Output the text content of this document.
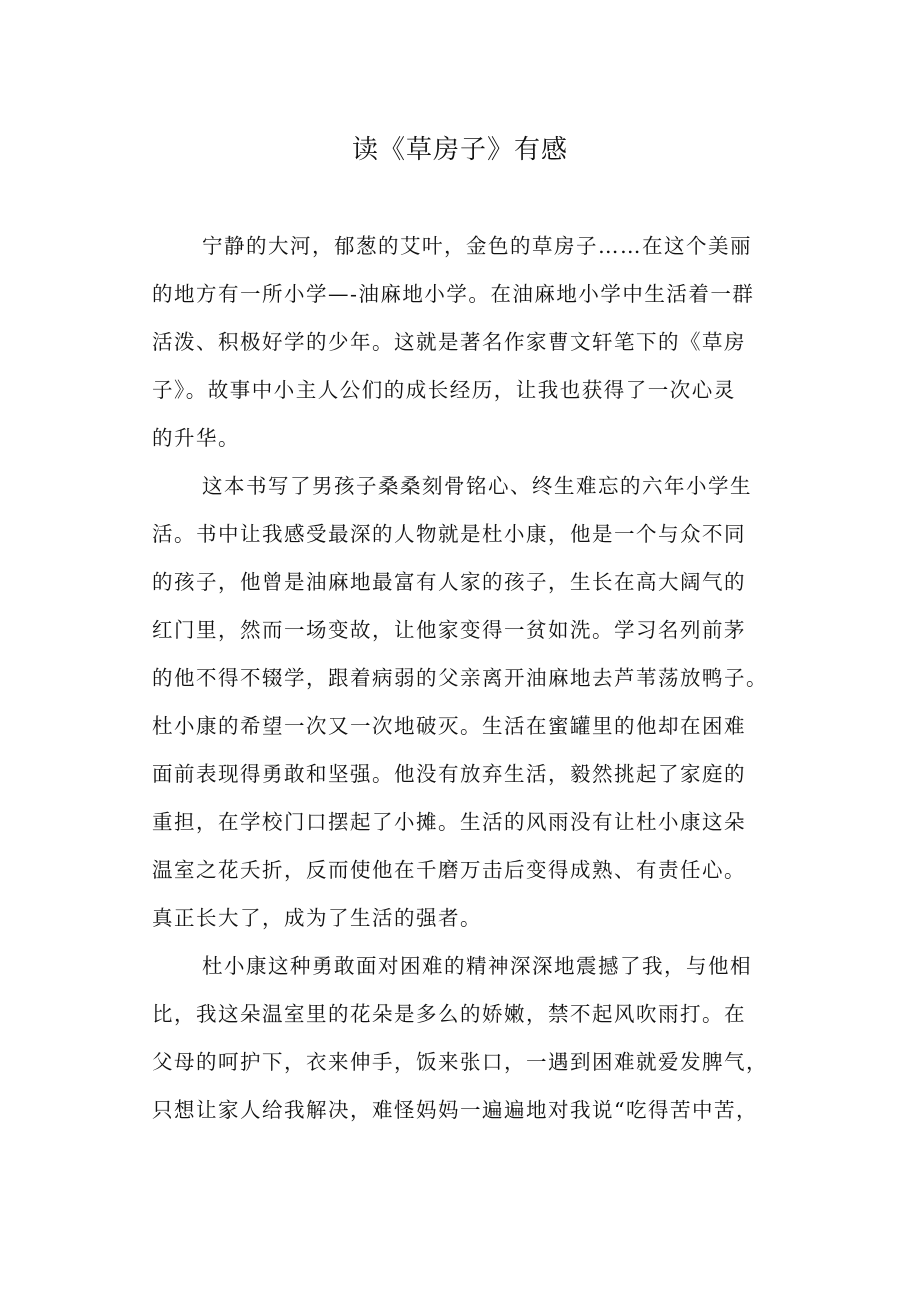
读《草房子》有感
宁静的大河，郁葱的艾叶，金色的草房子……在这个美丽
的地方有一所小学—-油麻地小学。在油麻地小学中生活着一群
活泼、积极好学的少年。这就是著名作家曹文轩笔下的《草房
子》。故事中小主人公们的成长经历，让我也获得了一次心灵
的升华。
这本书写了男孩子桑桑刻骨铭心、终生难忘的六年小学生
活。书中让我感受最深的人物就是杜小康，他是一个与众不同
的孩子，他曾是油麻地最富有人家的孩子，生长在高大阔气的
红门里，然而一场变故，让他家变得一贫如洗。学习名列前茅
的他不得不辍学，跟着病弱的父亲离开油麻地去芦苇荡放鸭子。
杜小康的希望一次又一次地破灭。生活在蜜罐里的他却在困难
面前表现得勇敢和坚强。他没有放弃生活，毅然挑起了家庭的
重担，在学校门口摆起了小摊。生活的风雨没有让杜小康这朵
温室之花夭折，反而使他在千磨万击后变得成熟、有责任心。
真正长大了，成为了生活的强者。
杜小康这种勇敢面对困难的精神深深地震撼了我，与他相
比，我这朵温室里的花朵是多么的娇嫩，禁不起风吹雨打。在
父母的呵护下，衣来伸手，饭来张口，一遇到困难就爱发脾气，
只想让家人给我解决，难怪妈妈一遍遍地对我说“吃得苦中苦，
